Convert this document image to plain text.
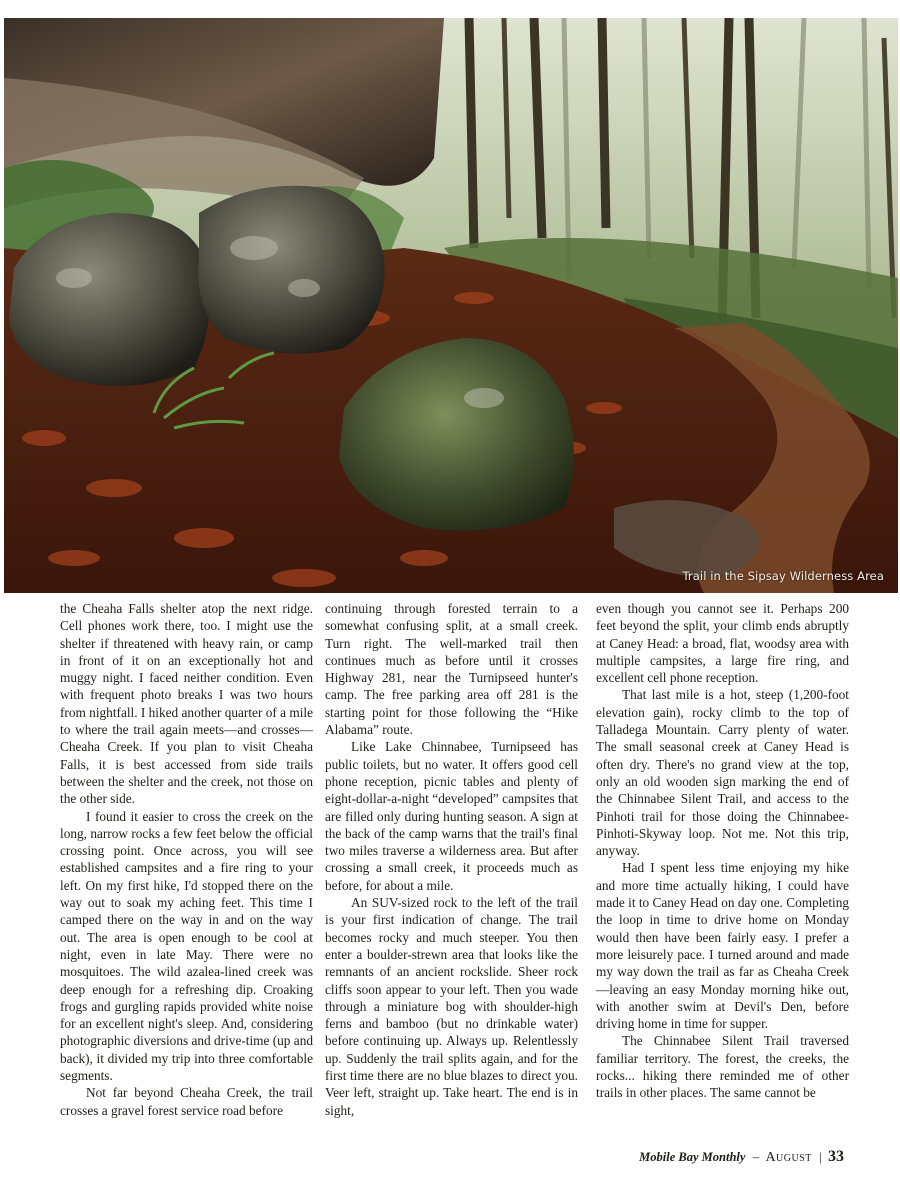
Trail in the Sipsay Wilderness Area

the Cheaha Falls shelter atop the next ridge. Cell phones work there, too. I might use the shelter if threatened with heavy rain, or camp in front of it on an exceptionally hot and muggy night. I faced neither condition. Even with frequent photo breaks I was two hours from nightfall. I hiked another quarter of a mile to where the trail again meets—and crosses—Cheaha Creek. If you plan to visit Cheaha Falls, it is best accessed from side trails between the shelter and the creek, not those on the other side.

I found it easier to cross the creek on the long, narrow rocks a few feet below the official crossing point. Once across, you will see established campsites and a fire ring to your left. On my first hike, I'd stopped there on the way out to soak my aching feet. This time I camped there on the way in and on the way out. The area is open enough to be cool at night, even in late May. There were no mosquitoes. The wild azalea-lined creek was deep enough for a refreshing dip. Croaking frogs and gurgling rapids provided white noise for an excellent night's sleep. And, considering photographic diversions and drive-time (up and back), it divided my trip into three comfortable segments.

Not far beyond Cheaha Creek, the trail crosses a gravel forest service road before

continuing through forested terrain to a somewhat confusing split, at a small creek. Turn right. The well-marked trail then continues much as before until it crosses Highway 281, near the Turnipseed hunter's camp. The free parking area off 281 is the starting point for those following the “Hike Alabama” route.

Like Lake Chinnabee, Turnipseed has public toilets, but no water. It offers good cell phone reception, picnic tables and plenty of eight-dollar-a-night “developed” campsites that are filled only during hunting season. A sign at the back of the camp warns that the trail's final two miles traverse a wilderness area. But after crossing a small creek, it proceeds much as before, for about a mile.

An SUV-sized rock to the left of the trail is your first indication of change. The trail becomes rocky and much steeper. You then enter a boulder-strewn area that looks like the remnants of an ancient rockslide. Sheer rock cliffs soon appear to your left. Then you wade through a miniature bog with shoulder-high ferns and bamboo (but no drinkable water) before continuing up. Always up. Relentlessly up. Suddenly the trail splits again, and for the first time there are no blue blazes to direct you. Veer left, straight up. Take heart. The end is in sight,

even though you cannot see it. Perhaps 200 feet beyond the split, your climb ends abruptly at Caney Head: a broad, flat, woodsy area with multiple campsites, a large fire ring, and excellent cell phone reception.

That last mile is a hot, steep (1,200-foot elevation gain), rocky climb to the top of Talladega Mountain. Carry plenty of water. The small seasonal creek at Caney Head is often dry. There's no grand view at the top, only an old wooden sign marking the end of the Chinnabee Silent Trail, and access to the Pinhoti trail for those doing the Chinnabee-Pinhoti-Skyway loop. Not me. Not this trip, anyway.

Had I spent less time enjoying my hike and more time actually hiking, I could have made it to Caney Head on day one. Completing the loop in time to drive home on Monday would then have been fairly easy. I prefer a more leisurely pace. I turned around and made my way down the trail as far as Cheaha Creek—leaving an easy Monday morning hike out, with another swim at Devil's Den, before driving home in time for supper.

The Chinnabee Silent Trail traversed familiar territory. The forest, the creeks, the rocks... hiking there reminded me of other trails in other places. The same cannot be

Mobile Bay Monthly – August | 33
